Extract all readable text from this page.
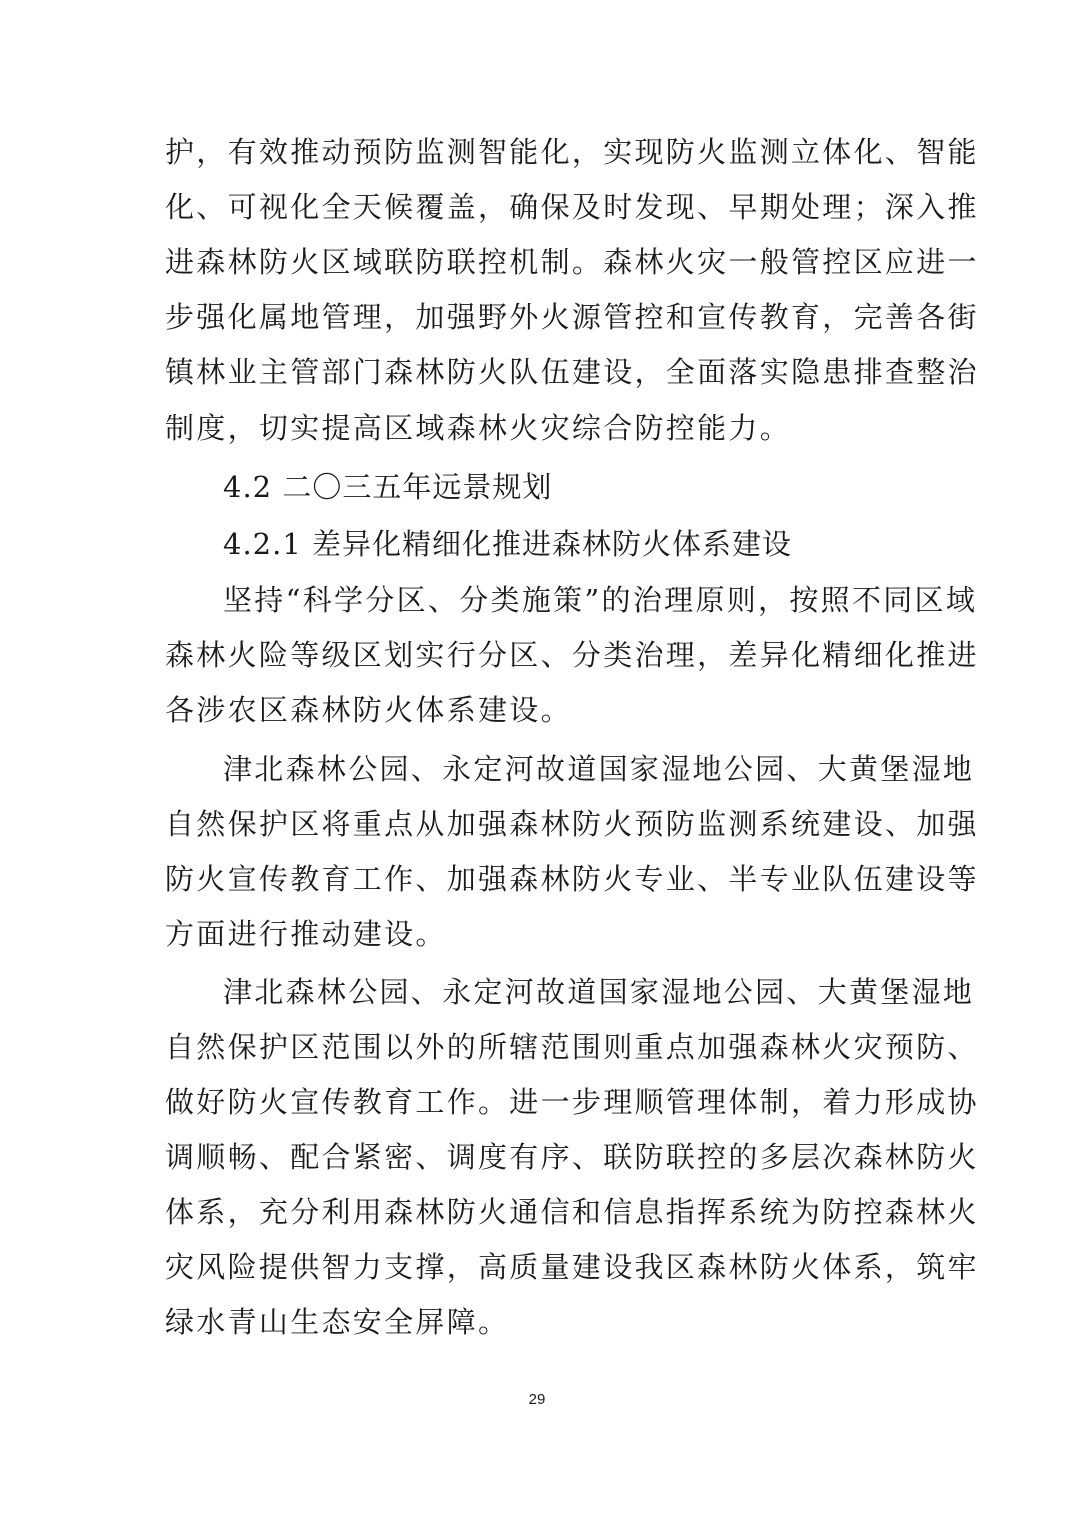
护，有效推动预防监测智能化，实现防火监测立体化、智能
化、可视化全天候覆盖，确保及时发现、早期处理；深入推
进森林防火区域联防联控机制。森林火灾一般管控区应进一
步强化属地管理，加强野外火源管控和宣传教育，完善各街
镇林业主管部门森林防火队伍建设，全面落实隐患排查整治
制度，切实提高区域森林火灾综合防控能力。
4.2 二〇三五年远景规划
4.2.1 差异化精细化推进森林防火体系建设
坚持“科学分区、分类施策”的治理原则，按照不同区域
森林火险等级区划实行分区、分类治理，差异化精细化推进
各涉农区森林防火体系建设。
津北森林公园、永定河故道国家湿地公园、大黄堡湿地
自然保护区将重点从加强森林防火预防监测系统建设、加强
防火宣传教育工作、加强森林防火专业、半专业队伍建设等
方面进行推动建设。
津北森林公园、永定河故道国家湿地公园、大黄堡湿地
自然保护区范围以外的所辖范围则重点加强森林火灾预防、
做好防火宣传教育工作。进一步理顺管理体制，着力形成协
调顺畅、配合紧密、调度有序、联防联控的多层次森林防火
体系，充分利用森林防火通信和信息指挥系统为防控森林火
灾风险提供智力支撑，高质量建设我区森林防火体系，筑牢
绿水青山生态安全屏障。
29
